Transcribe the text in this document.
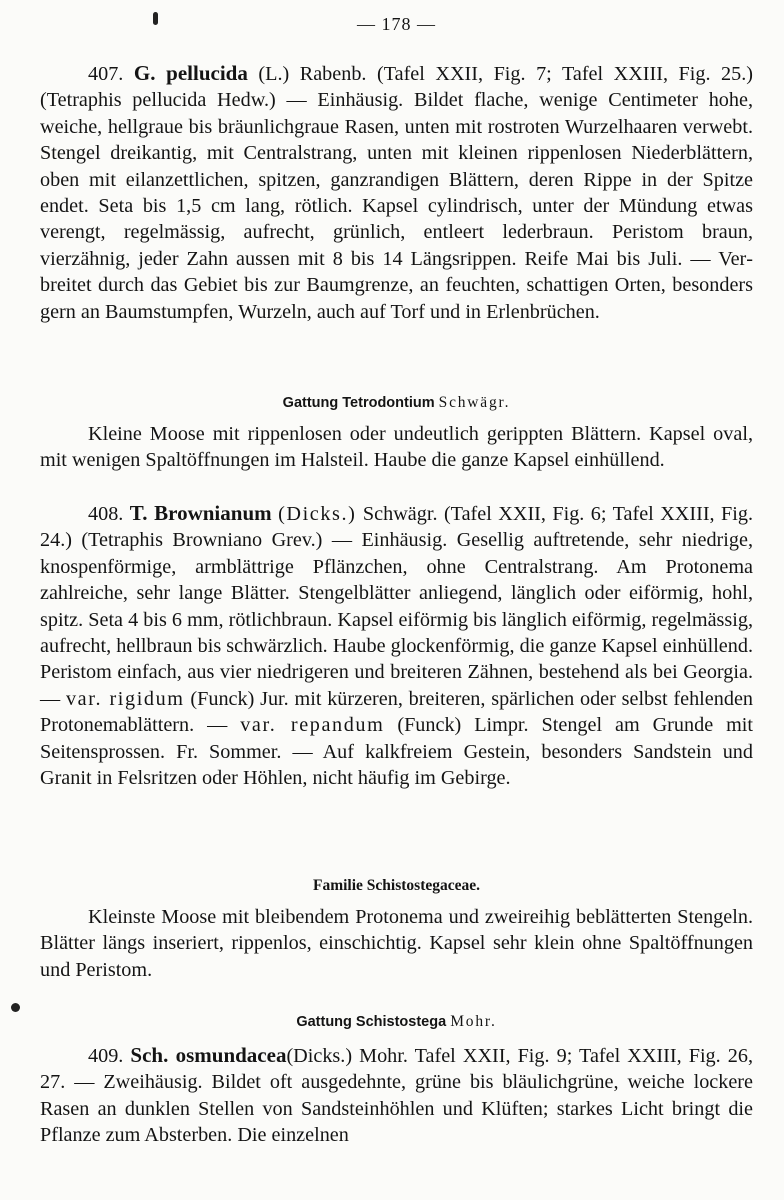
— 178 —

407. G. pellucida (L.) Rabenb. (Tafel XXII, Fig. 7; Tafel XXIII, Fig. 25.) (Tetraphis pellucida Hedw.) — Einhäusig. Bildet flache, wenige Centimeter hohe, weiche, hellgraue bis bräunlichgraue Rasen, unten mit rostroten Wurzelhaaren verwebt. Stengel dreikantig, mit Centralstrang, unten mit kleinen rippenlosen Niederblättern, oben mit eilanzettlichen, spitzen, ganzrandigen Blättern, deren Rippe in der Spitze endet. Seta bis 1,5 cm lang, rötlich. Kapsel cylindrisch, unter der Mündung etwas verengt, regelmässig, aufrecht, grünlich, entleert lederbraun. Peristom braun, vierzähnig, jeder Zahn aussen mit 8 bis 14 Längsrippen. Reife Mai bis Juli. — Verbreitet durch das Gebiet bis zur Baumgrenze, an feuchten, schattigen Orten, besonders gern an Baumstumpfen, Wurzeln, auch auf Torf und in Erlenbrüchen.

Gattung Tetrodontium Schwägr.

Kleine Moose mit rippenlosen oder undeutlich gerippten Blättern. Kapsel oval, mit wenigen Spaltöffnungen im Halsteil. Haube die ganze Kapsel einhüllend.

408. T. Brownianum (Dicks.) Schwägr. (Tafel XXII, Fig. 6; Tafel XXIII, Fig. 24.) (Tetraphis Browniano Grev.) — Einhäusig. Gesellig auftretende, sehr niedrige, knospenförmige, armblättrige Pflänzchen, ohne Centralstrang. Am Protonema zahlreiche, sehr lange Blätter. Stengelblätter anliegend, länglich oder eiförmig, hohl, spitz. Seta 4 bis 6 mm, rötlichbraun. Kapsel eiförmig bis länglich eiförmig, regelmässig, aufrecht, hellbraun bis schwärzlich. Haube glockenförmig, die ganze Kapsel einhüllend. Peristom einfach, aus vier niedrigeren und breiteren Zähnen, bestehend als bei Georgia. — var. rigidum (Funck) Jur. mit kürzeren, breiteren, spärlichen oder selbst fehlenden Protonemablättern. — var. repandum (Funck) Limpr. Stengel am Grunde mit Seitensprossen. Fr. Sommer. — Auf kalkfreiem Gestein, besonders Sandstein und Granit in Felsritzen oder Höhlen, nicht häufig im Gebirge.

Familie Schistostegaceae.

Kleinste Moose mit bleibendem Protonema und zweireihig beblätterten Stengeln. Blätter längs inseriert, rippenlos, einschichtig. Kapsel sehr klein ohne Spaltöffnungen und Peristom.

Gattung Schistostega Mohr.

409. Sch. osmundacea(Dicks.) Mohr. Tafel XXII, Fig. 9; Tafel XXIII, Fig. 26, 27. — Zweihäusig. Bildet oft ausgedehnte, grüne bis bläulichgrüne, weiche lockere Rasen an dunklen Stellen von Sandsteinhöhlen und Klüften; starkes Licht bringt die Pflanze zum Absterben. Die einzelnen
